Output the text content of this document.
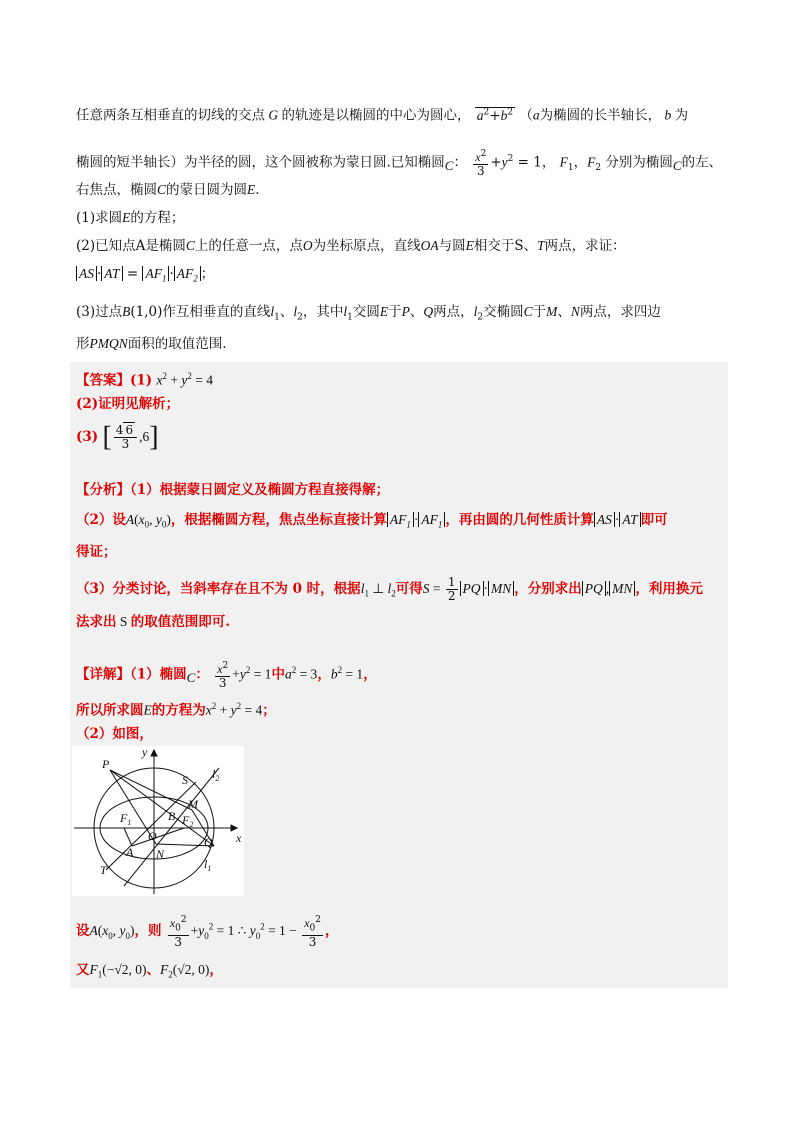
任意两条互相垂直的切线的交点 G 的轨迹是以椭圆的中心为圆心， $a^2+b^2$ （a为椭圆的长半轴长， b 为
椭圆的短半轴长）为半径的圆，这个圆被称为蒙日圆.已知椭圆$_C$： $\frac{x^2}{3} +y^2 = 1$， $F_1$，$F_2$ 分别为椭圆$_C$的左、
右焦点，椭圆C的蒙日圆为圆E.
(1)求圆E的方程；
(2)已知点A是椭圆C上的任意一点，点O为坐标原点，直线OA与圆E相交于S、T两点，求证：
AS · AT = $AF_1 \cdot AF_2$ ；
(3)过点B(1,0)作互相垂直的直线$l_1$、$l_2$，其中$l_1$交圆E于P、Q两点，$l_2$交椭圆C于M、N两点，求四边
形PMQN面积的取值范围.
【答案】(1) $x^2 + y^2 = 4$
(2)证明见解析；
(3) [ $\frac{4 6}{3} ,6$]
【分析】（1）根据蒙日圆定义及椭圆方程直接得解；
（2）设$A(x_0$, $y_0$)，根据椭圆方程，焦点坐标直接计算 $AF_1 \cdot AF_1$ ，再由圆的几何性质计算 AS · AT 即可
得证；
（3）分类讨论，当斜率存在且不为 0 时，根据$l_1$ ⊥ $l_2$可得$S = \frac{1}{2}$ PQ · MN ，分别求出 PQ , MN ，利用换元
法求出 S 的取值范围即可.
【详解】（1）椭圆$_C$： $\frac{x^2}{3} +y^2 = 1$中$a^2 = 3$，$b^2 = 1$，
所以所求圆E的方程为$x^2 + y^2 = 4$；
（2）如图，
y
x
P
S $l_2$
M
$F_1$	B $F_2$
O
A N
Q
T	$l_1$
设$A(x_0$, $y_0$)，则 $\frac{x_0^2}{3} +y_0^2 = 1$ ∴ $y_0^2 = 1 - \frac{x_0^2}{3}$ ，
又$F_1(-√2$, 0)、$F_2(√2$, 0)，
